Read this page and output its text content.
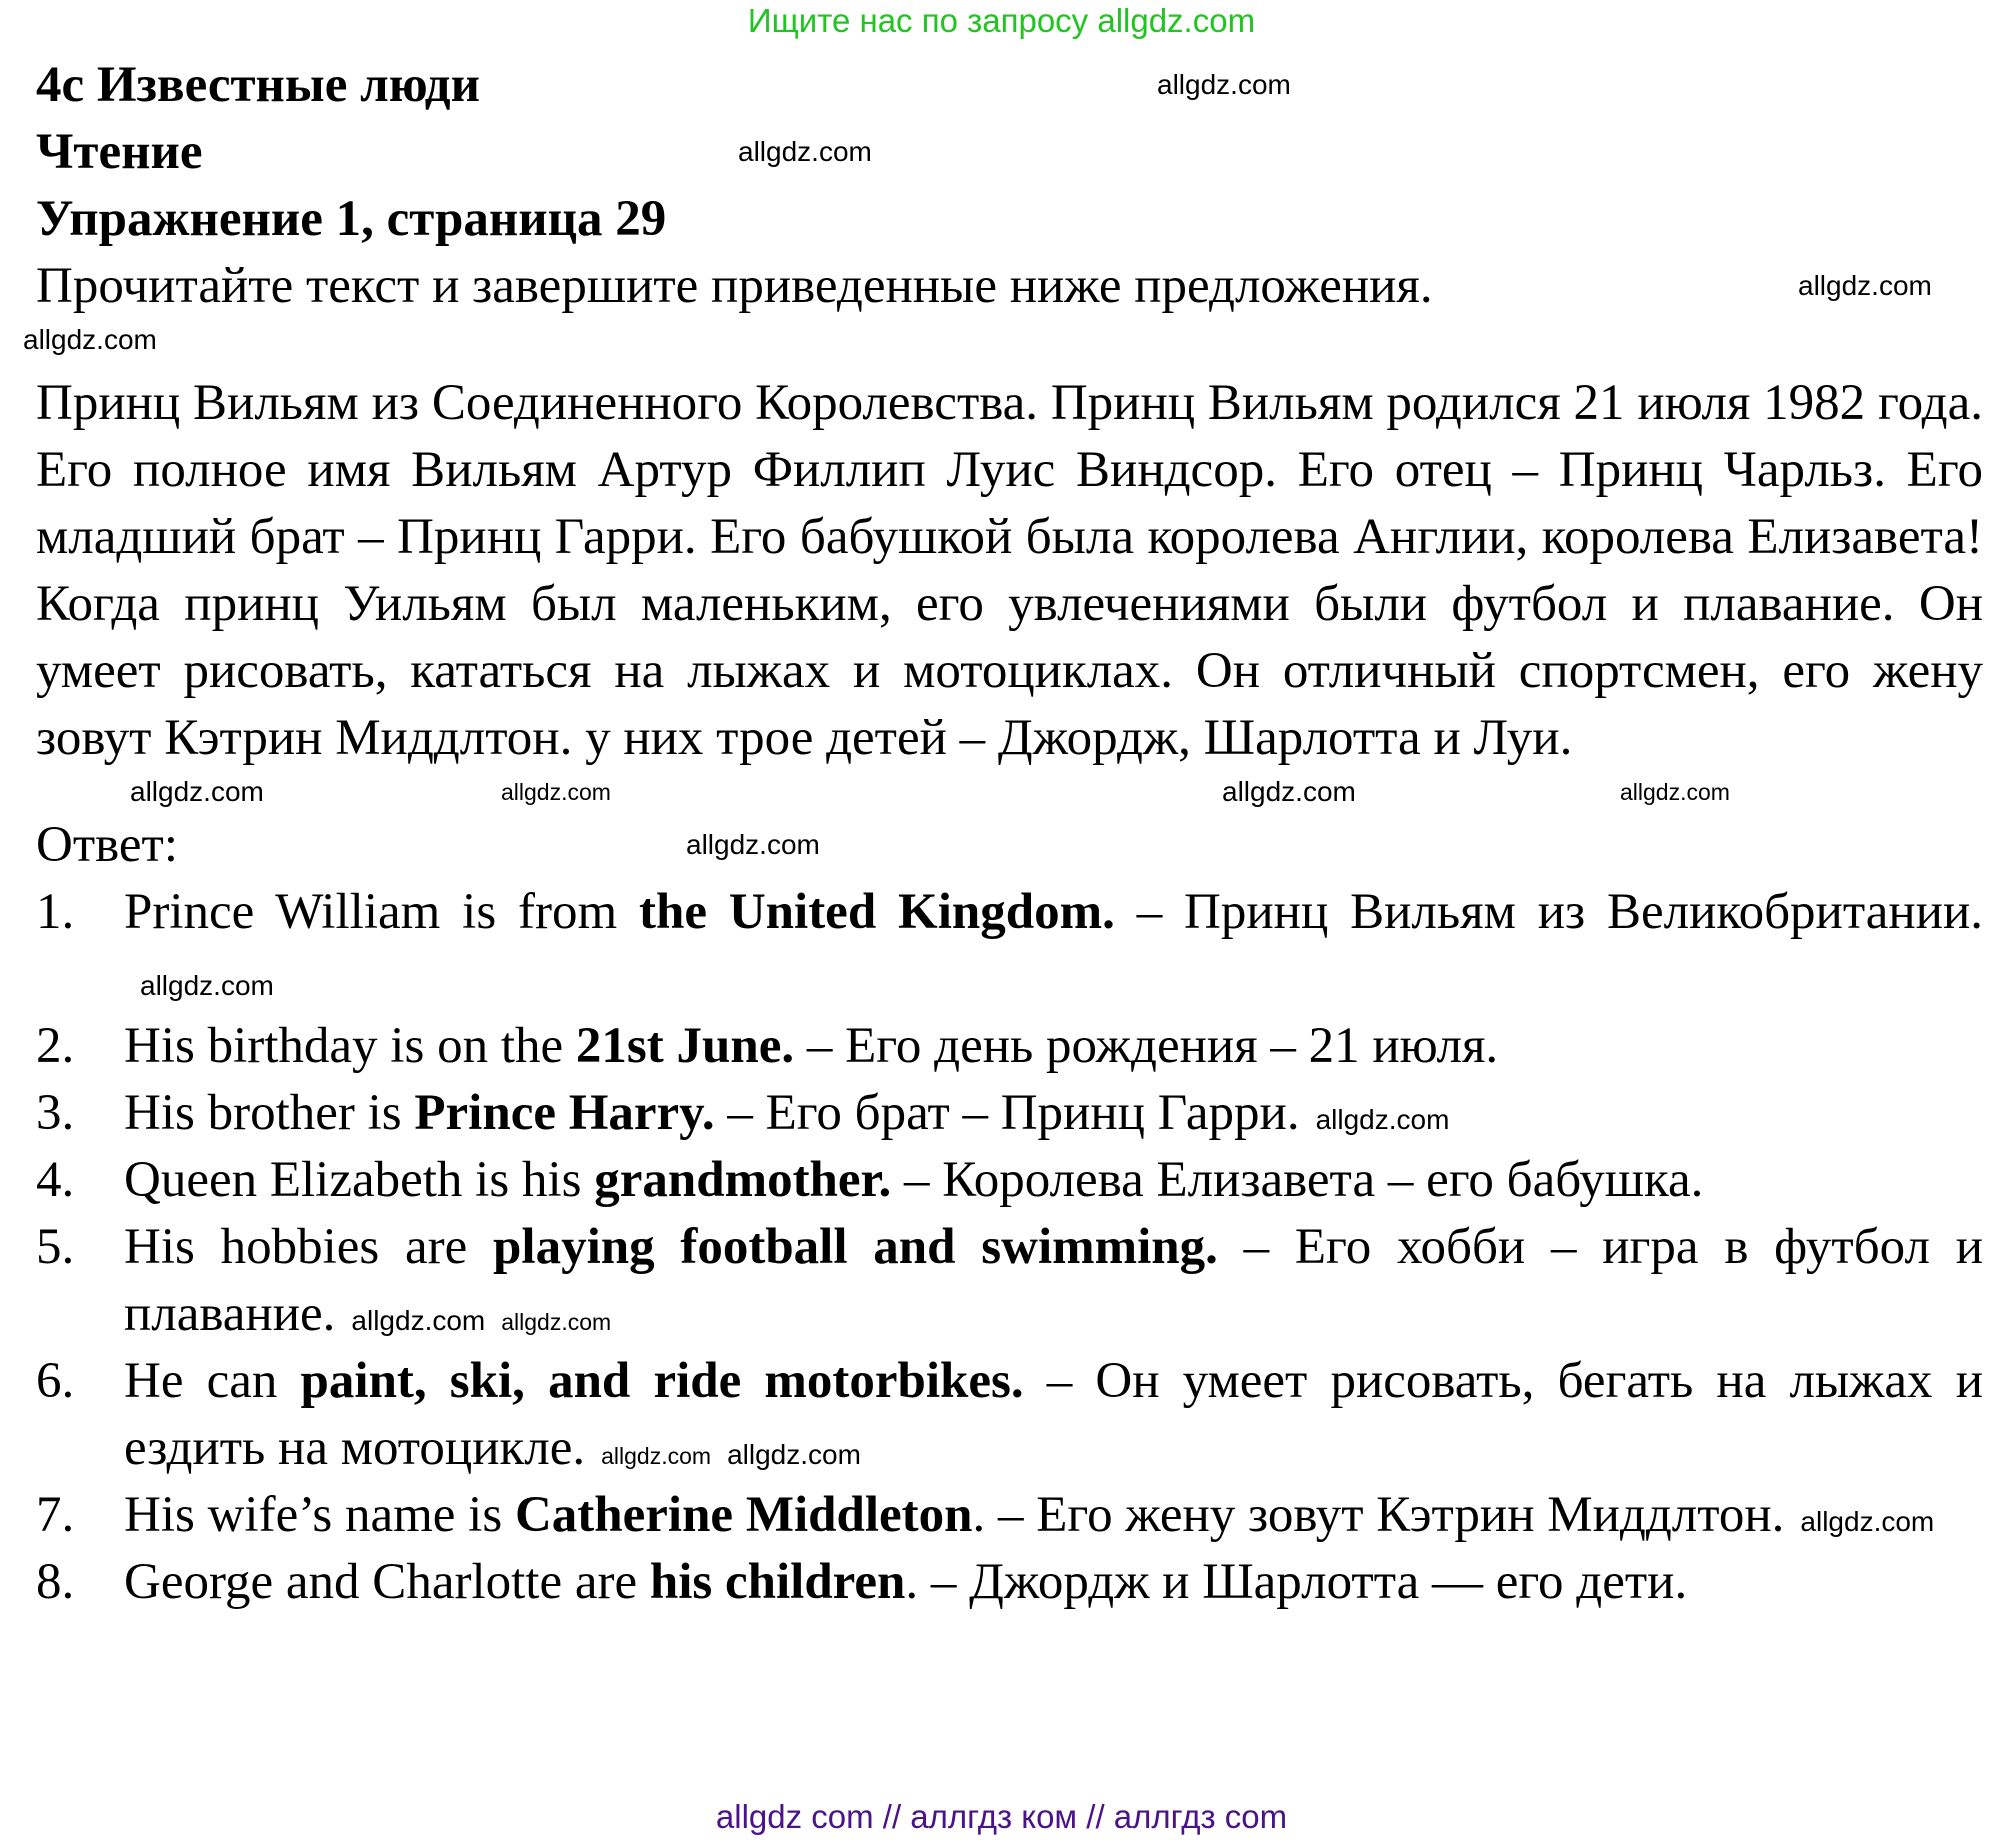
Ищите нас по запросу allgdz.com
4c Известные люди	allgdz.com
Чтение	allgdz.com
Упражнение 1, страница 29
Прочитайте текст и завершите приведенные ниже предложения.	allgdz.com
allgdz.com
Принц Вильям из Соединенного Королевства. Принц Вильям родился 21 июля 1982 года. Его полное имя Вильям Артур Филлип Луис Виндсор. Его отец – Принц Чарльз. Его младший брат – Принц Гарри. Его бабушкой была королева Англии, королева Елизавета! Когда принц Уильям был маленьким, его увлечениями были футбол и плавание. Он умеет рисовать, кататься на лыжах и мотоциклах. Он отличный спортсмен, его жену зовут Кэтрин Миддлтон. у них трое детей – Джордж, Шарлотта и Луи.
allgdz.com	allgdz.com	allgdz.com	allgdz.com
Ответ:	allgdz.com
1. Prince William is from the United Kingdom. – Принц Вильям из Великобритании.allgdz.com
2. His birthday is on the 21st June. – Его день рождения – 21 июля.
3. His brother is Prince Harry. – Его брат – Принц Гарри. allgdz.com
4. Queen Elizabeth is his grandmother. – Королева Елизавета – его бабушка.
5. His hobbies are playing football and swimming. – Его хобби – игра в футбол и плавание. allgdz.com allgdz.com
6. He can paint, ski, and ride motorbikes. – Он умеет рисовать, бегать на лыжах и ездить на мотоцикле. allgdz.com allgdz.com
7. His wife’s name is Catherine Middleton. – Его жену зовут Кэтрин Миддлтон. allgdz.com
8. George and Charlotte are his children. – Джордж и Шарлотта — его дети.
allgdz com // аллгдз ком // аллгдз com
